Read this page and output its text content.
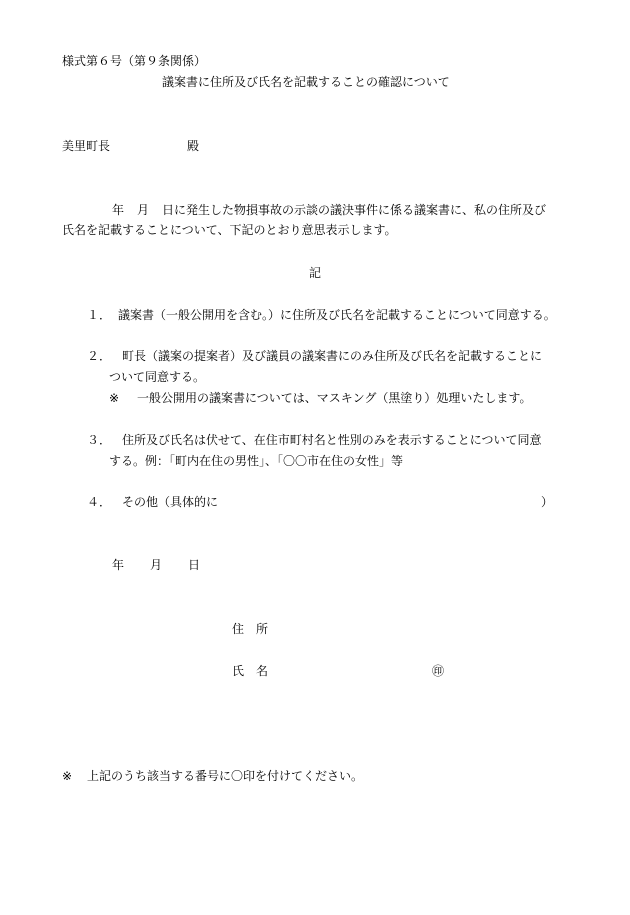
様式第６号（第９条関係）
議案書に住所及び氏名を記載することの確認について
美里町長	殿
年 月 日に発生した物損事故の示談の議決事件に係る議案書に、私の住所及び
氏名を記載することについて、下記のとおり意思表示します。
記
１． 議案書（一般公開用を含む。）に住所及び氏名を記載することについて同意する。
２． 町長（議案の提案者）及び議員の議案書にのみ住所及び氏名を記載することに
ついて同意する。
※ 一般公開用の議案書については、マスキング（黒塗り）処理いたします。
３． 住所及び氏名は伏せて、在住市町村名と性別のみを表示することについて同意
する。例：「町内在住の男性」、「〇〇市在住の女性」等
４． その他（具体的に	）
年 月 日
住　所
氏　名	㊞
※ 上記のうち該当する番号に〇印を付けてください。
